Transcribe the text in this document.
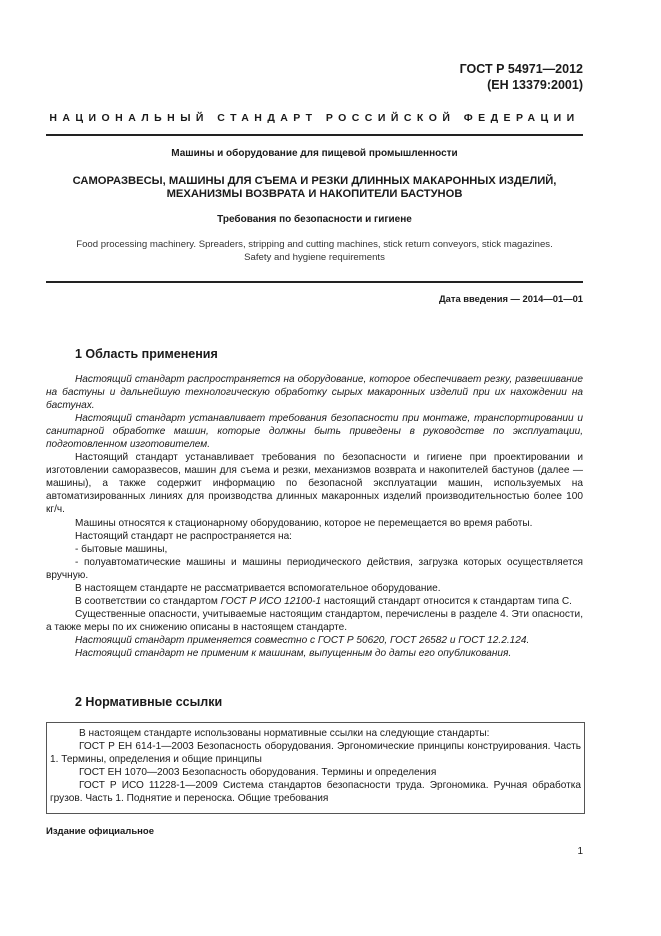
ГОСТ Р 54971—2012
(ЕН 13379:2001)
НАЦИОНАЛЬНЫЙ СТАНДАРТ РОССИЙСКОЙ ФЕДЕРАЦИИ
Машины и оборудование для пищевой промышленности
САМОРАЗВЕСЫ, МАШИНЫ ДЛЯ СЪЕМА И РЕЗКИ ДЛИННЫХ МАКАРОННЫХ ИЗДЕЛИЙ,
МЕХАНИЗМЫ ВОЗВРАТА И НАКОПИТЕЛИ БАСТУНОВ
Требования по безопасности и гигиене
Food processing machinery. Spreaders, stripping and cutting machines, stick return conveyors, stick magazines.
Safety and hygiene requirements
Дата введения — 2014—01—01
1 Область применения

Настоящий стандарт распространяется на оборудование, которое обеспечивает резку, развешивание на бастуны и дальнейшую технологическую обработку сырых макаронных изделий при их нахождении на бастунах.

Настоящий стандарт устанавливает требования безопасности при монтаже, транспортировании и санитарной обработке машин, которые должны быть приведены в руководстве по эксплуатации, подготовленном изготовителем.

Настоящий стандарт устанавливает требования по безопасности и гигиене при проектировании и изготовлении саморазвесов, машин для съема и резки, механизмов возврата и накопителей бастунов (далее — машины), а также содержит информацию по безопасной эксплуатации машин, используемых на автоматизированных линиях для производства длинных макаронных изделий производительностью более 100 кг/ч.

Машины относятся к стационарному оборудованию, которое не перемещается во время работы.

Настоящий стандарт не распространяется на:

- бытовые машины,

- полуавтоматические машины и машины периодического действия, загрузка которых осуществляется вручную.

В настоящем стандарте не рассматривается вспомогательное оборудование.

В соответствии со стандартом ГОСТ Р ИСО 12100-1 настоящий стандарт относится к стандартам типа С.

Существенные опасности, учитываемые настоящим стандартом, перечислены в разделе 4. Эти опасности, а также меры по их снижению описаны в настоящем стандарте.

Настоящий стандарт применяется совместно с ГОСТ Р 50620, ГОСТ 26582 и ГОСТ 12.2.124.

Настоящий стандарт не применим к машинам, выпущенным до даты его опубликования.

2 Нормативные ссылки

В настоящем стандарте использованы нормативные ссылки на следующие стандарты:

ГОСТ Р ЕН 614-1—2003 Безопасность оборудования. Эргономические принципы конструирования. Часть 1. Термины, определения и общие принципы

ГОСТ ЕН 1070—2003 Безопасность оборудования. Термины и определения

ГОСТ Р ИСО 11228-1—2009 Система стандартов безопасности труда. Эргономика. Ручная обработка грузов. Часть 1. Поднятие и переноска. Общие требования

Издание официальное
1
